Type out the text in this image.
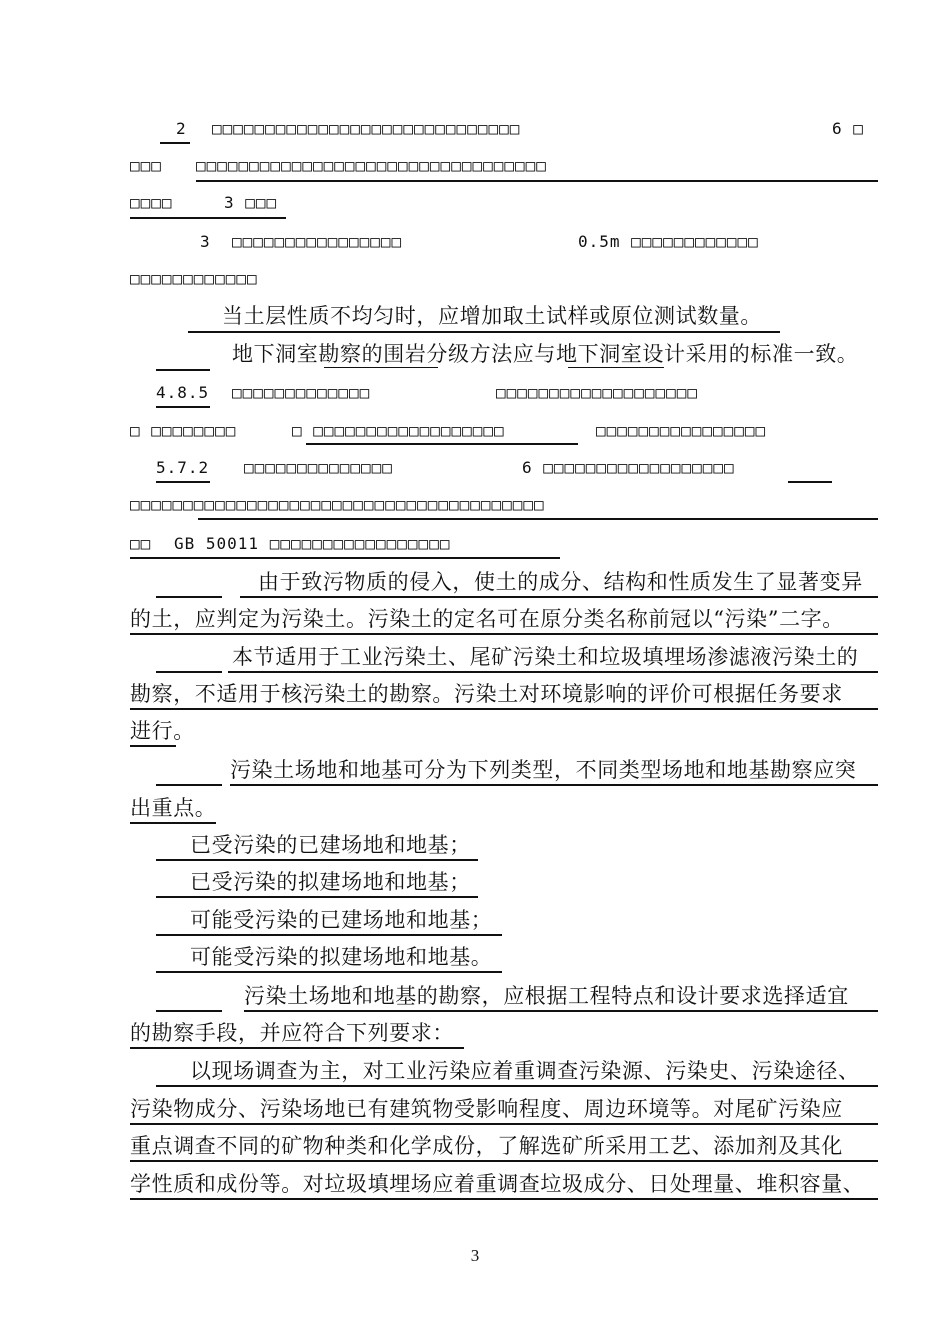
2 □□□□□□□□□□□□□□□□□□□□□□□□□□□□□	6 □
□□□ □□□□□□□□□□□□□□□□□□□□□□□□□□□□□□□□□
□□□□	3 □□□
3 □□□□□□□□□□□□□□□□	0.5m □□□□□□□□□□□□
□□□□□□□□□□□□
当土层性质不均匀时，应增加取土试样或原位测试数量。
地下洞室勘察的围岩分级方法应与地下洞室设计采用的标准一致。
4.8.5 □□□□□□□□□□□□□	□□□□□□□□□□□□□□□□□□□
□ □□□□□□□□	□ □□□□□□□□□□□□□□□□□□	□□□□□□□□□□□□□□□□
5.7.2 □□□□□□□□□□□□□□	6 □□□□□□□□□□□□□□□□□□
□□□□□□□□□□□□□□□□□□□□□□□□□□□□□□□□□□□□□□□
□□ GB 50011 □□□□□□□□□□□□□□□□□
由于致污物质的侵入，使土的成分、结构和性质发生了显著变异
的土，应判定为污染土。污染土的定名可在原分类名称前冠以“污染”二字。
本节适用于工业污染土、尾矿污染土和垃圾填埋场渗滤液污染土的
勘察，不适用于核污染土的勘察。污染土对环境影响的评价可根据任务要求
进行。
污染土场地和地基可分为下列类型，不同类型场地和地基勘察应突
出重点。
已受污染的已建场地和地基；
已受污染的拟建场地和地基；
可能受污染的已建场地和地基；
可能受污染的拟建场地和地基。
污染土场地和地基的勘察，应根据工程特点和设计要求选择适宜
的勘察手段，并应符合下列要求：
以现场调查为主，对工业污染应着重调查污染源、污染史、污染途径、
污染物成分、污染场地已有建筑物受影响程度、周边环境等。对尾矿污染应
重点调查不同的矿物种类和化学成份，了解选矿所采用工艺、添加剂及其化
学性质和成份等。对垃圾填埋场应着重调查垃圾成分、日处理量、堆积容量、
3
